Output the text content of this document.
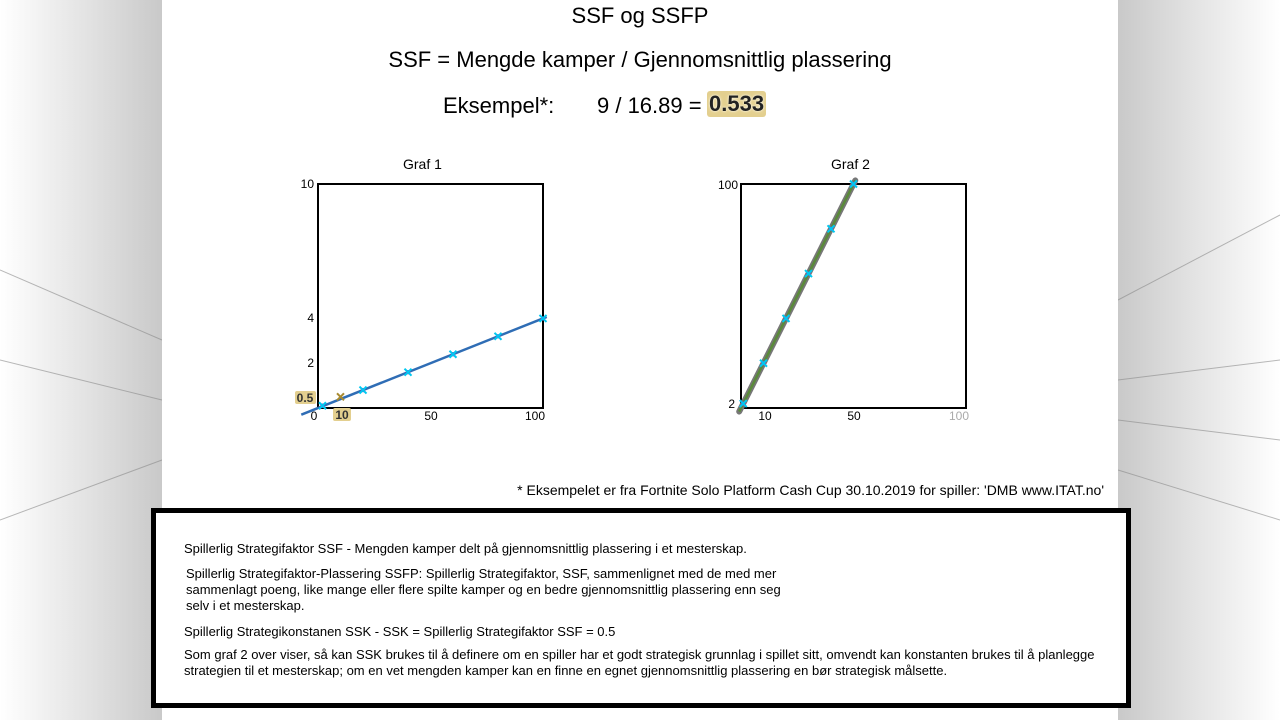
SSF og SSFP
SSF = Mengde kamper / Gjennomsnittlig plassering
Eksempel*: 9 / 16.89 = 0.533
Graf 1	Graf 2
0	50	100
2
4
10
10
0.5
10	50	100
2
100
* Eksempelet er fra Fortnite Solo Platform Cash Cup 30.10.2019 for spiller: 'DMB www.ITAT.no'

Spillerlig Strategifaktor SSF - Mengden kamper delt på gjennomsnittlig plassering i et mesterskap.

Spillerlig Strategifaktor-Plassering SSFP: Spillerlig Strategifaktor, SSF, sammenlignet med de med mer sammenlagt poeng, like mange eller flere spilte kamper og en bedre gjennomsnittlig plassering enn seg selv i et mesterskap.

Spillerlig Strategikonstanen SSK - SSK = Spillerlig Strategifaktor SSF = 0.5

Som graf 2 over viser, så kan SSK brukes til å definere om en spiller har et godt strategisk grunnlag i spillet sitt, omvendt kan konstanten brukes til å planlegge strategien til et mesterskap; om en vet mengden kamper kan en finne en egnet gjennomsnittlig plassering en bør strategisk målsette.
